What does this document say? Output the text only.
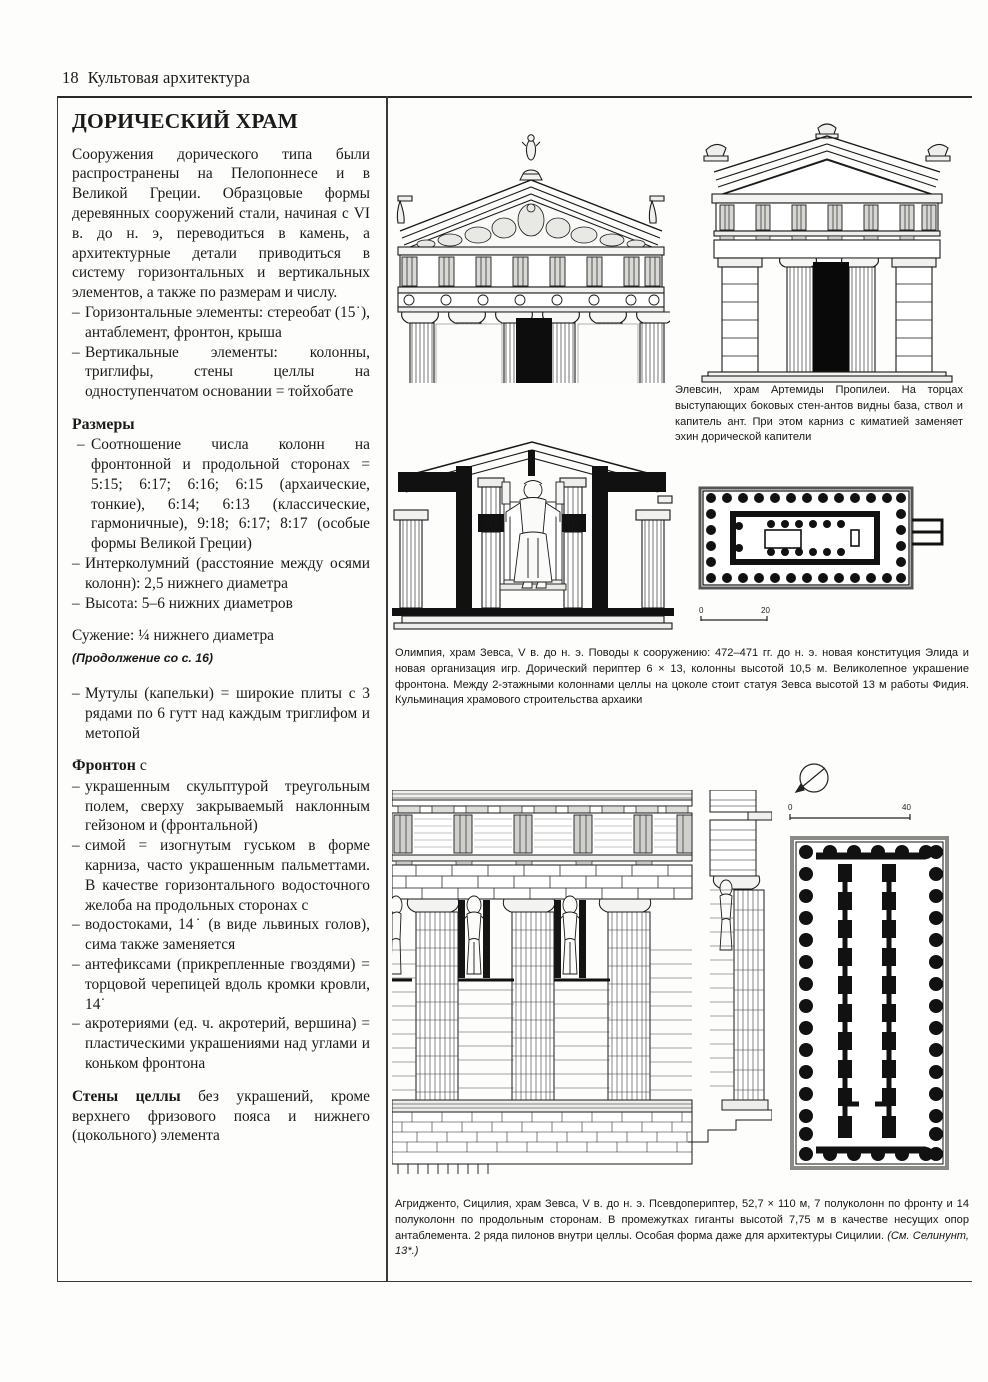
18 Культовая архитектура
ДОРИЧЕСКИЙ ХРАМ

Сооружения дорического типа были распространены на Пелопоннесе и в Великой Греции. Образцовые формы деревянных сооружений стали, начиная с VI в. до н. э, переводиться в камень, а архитектурные детали приводиться в систему горизонтальных и вертикальных элементов, а также по размерам и числу.

– Горизонтальные элементы: стереобат (15˙), антаблемент, фронтон, крыша
– Вертикальные элементы: колонны, триглифы, стены целлы на одноступенчатом основании = тойхобате
Размеры
– Соотношение числа колонн на фронтонной и продольной сторонах = 5:15; 6:17; 6:16; 6:15 (архаические, тонкие), 6:14; 6:13 (классические, гармоничные), 9:18; 6:17; 8:17 (особые формы Великой Греции)
– Интерколумний (расстояние между осями колонн): 2,5 нижнего диаметра
– Высота: 5–6 нижних диаметров

Сужение: ¼ нижнего диаметра

(Продолжение со с. 16)

– Мутулы (капельки) = широкие плиты с 3 рядами по 6 гутт над каждым триглифом и метопой
Фронтон с
– украшенным скульптурой треугольным полем, сверху закрываемый наклонным гейзоном и (фронтальной)
– симой = изогнутым гуськом в форме карниза, часто украшенным пальметтами. В качестве горизонтального водосточного желоба на продольных сторонах с
– водостоками, 14˙ (в виде львиных голов), сима также заменяется
– антефиксами (прикрепленные гвоздями) = торцовой черепицей вдоль кромки кровли, 14˙
– акротериями (ед. ч. акротерий, вершина) = пластическими украшениями над углами и коньком фронтона

Стены целлы без украшений, кроме верхнего фризового пояса и нижнего (цокольного) элемента

Элевсин, храм Артемиды Пропилеи. На торцах выступающих боковых стен-антов видны база, ствол и капитель ант. При этом карниз с киматией заменяет эхин дорической капители
0	20
Олимпия, храм Зевса, V в. до н. э. Поводы к сооружению: 472–471 гг. до н. э. новая конституция Элида и новая организация игр. Дорический периптер 6 × 13, колонны высотой 10,5 м. Великолепное украшение фронтона. Между 2-этажными колоннами целлы на цоколе стоит статуя Зевса высотой 13 м работы Фидия. Кульминация храмового строительства архаики
0	40
Агридженто, Сицилия, храм Зевса, V в. до н. э. Псевдопериптер, 52,7 × 110 м, 7 полуколонн по фронту и 14 полуколонн по продольным сторонам. В промежутках гиганты высотой 7,75 м в качестве несущих опор антаблемента. 2 ряда пилонов внутри целлы. Особая форма даже для архитектуры Сицилии. (См. Селинунт, 13*.)
